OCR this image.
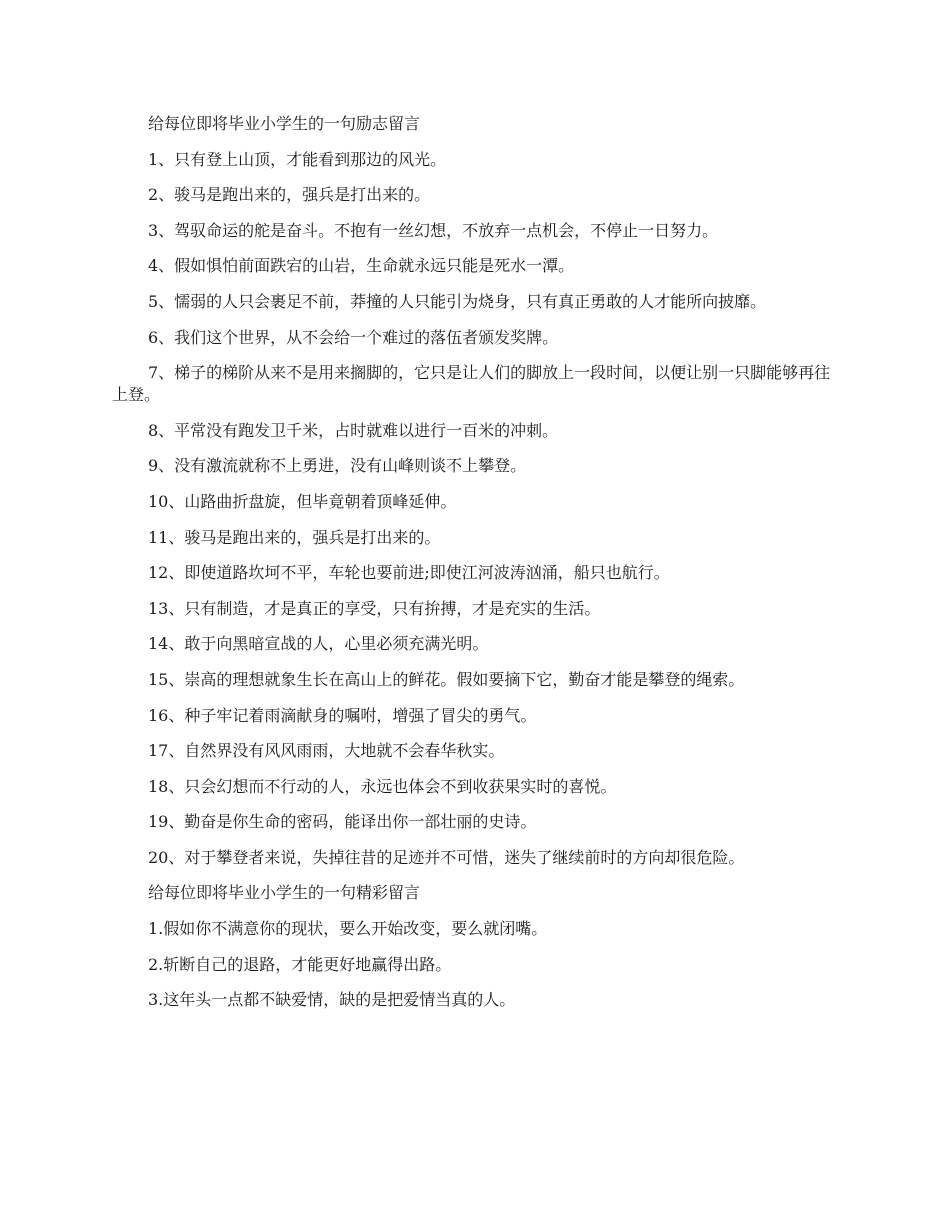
给每位即将毕业小学生的一句励志留言

1、只有登上山顶，才能看到那边的风光。

2、骏马是跑出来的，强兵是打出来的。

3、驾驭命运的舵是奋斗。不抱有一丝幻想，不放弃一点机会，不停止一日努力。

4、假如惧怕前面跌宕的山岩，生命就永远只能是死水一潭。

5、懦弱的人只会裹足不前，莽撞的人只能引为烧身，只有真正勇敢的人才能所向披靡。

6、我们这个世界，从不会给一个难过的落伍者颁发奖牌。

7、梯子的梯阶从来不是用来搁脚的，它只是让人们的脚放上一段时间，以便让别一只脚能够再往上登。

8、平常没有跑发卫千米，占时就难以进行一百米的冲刺。

9、没有激流就称不上勇进，没有山峰则谈不上攀登。

10、山路曲折盘旋，但毕竟朝着顶峰延伸。

11、骏马是跑出来的，强兵是打出来的。

12、即使道路坎坷不平，车轮也要前进;即使江河波涛汹涌，船只也航行。

13、只有制造，才是真正的享受，只有拚搏，才是充实的生活。

14、敢于向黑暗宣战的人，心里必须充满光明。

15、崇高的理想就象生长在高山上的鲜花。假如要摘下它，勤奋才能是攀登的绳索。

16、种子牢记着雨滴献身的嘱咐，增强了冒尖的勇气。

17、自然界没有风风雨雨，大地就不会春华秋实。

18、只会幻想而不行动的人，永远也体会不到收获果实时的喜悦。

19、勤奋是你生命的密码，能译出你一部壮丽的史诗。

20、对于攀登者来说，失掉往昔的足迹并不可惜，迷失了继续前时的方向却很危险。

给每位即将毕业小学生的一句精彩留言

1.假如你不满意你的现状，要么开始改变，要么就闭嘴。

2.斩断自己的退路，才能更好地赢得出路。

3.这年头一点都不缺爱情，缺的是把爱情当真的人。
